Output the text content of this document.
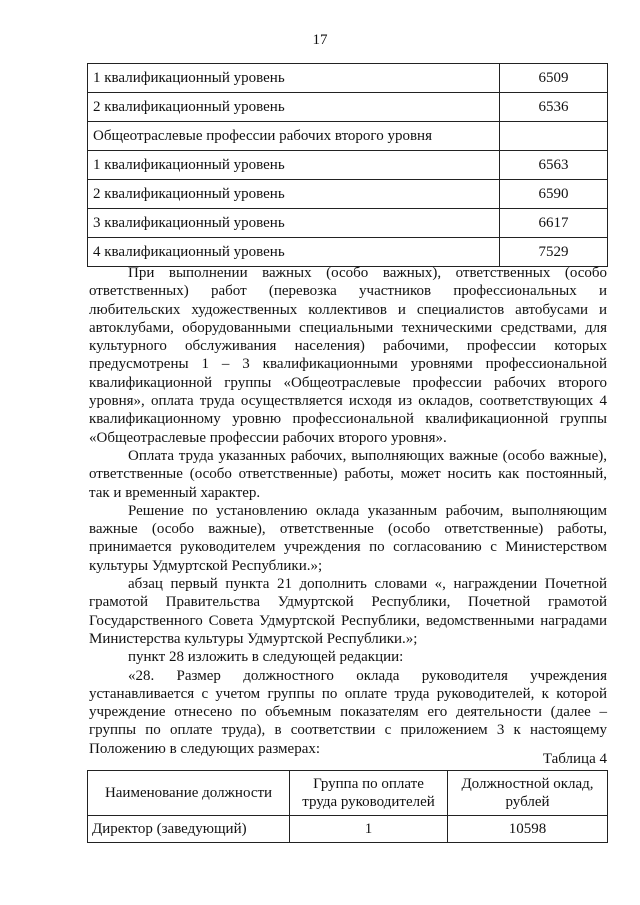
17
1 квалификационный уровень	6509
2 квалификационный уровень	6536
Общеотраслевые профессии рабочих второго уровня	
1 квалификационный уровень	6563
2 квалификационный уровень	6590
3 квалификационный уровень	6617
4 квалификационный уровень	7529

При выполнении важных (особо важных), ответственных (особо ответственных) работ (перевозка участников профессиональных и любительских художественных коллективов и специалистов автобусами и автоклубами, оборудованными специальными техническими средствами, для культурного обслуживания населения) рабочими, профессии которых предусмотрены 1 – 3 квалификационными уровнями профессиональной квалификационной группы «Общеотраслевые профессии рабочих второго уровня», оплата труда осуществляется исходя из окладов, соответствующих 4 квалификационному уровню профессиональной квалификационной группы «Общеотраслевые профессии рабочих второго уровня».

Оплата труда указанных рабочих, выполняющих важные (особо важные), ответственные (особо ответственные) работы, может носить как постоянный, так и временный характер.

Решение по установлению оклада указанным рабочим, выполняющим важные (особо важные), ответственные (особо ответственные) работы, принимается руководителем учреждения по согласованию с Министерством культуры Удмуртской Республики.»;

абзац первый пункта 21 дополнить словами «, награждении Почетной грамотой Правительства Удмуртской Республики, Почетной грамотой Государственного Совета Удмуртской Республики, ведомственными наградами Министерства культуры Удмуртской Республики.»;

пункт 28 изложить в следующей редакции:

«28. Размер должностного оклада руководителя учреждения устанавливается с учетом группы по оплате труда руководителей, к которой учреждение отнесено по объемным показателям его деятельности (далее – группы по оплате труда), в соответствии с приложением 3 к настоящему Положению в следующих размерах:

Таблица 4
Наименование должности	Группа по оплате труда руководителей	Должностной оклад, рублей
Директор (заведующий)	1	10598
